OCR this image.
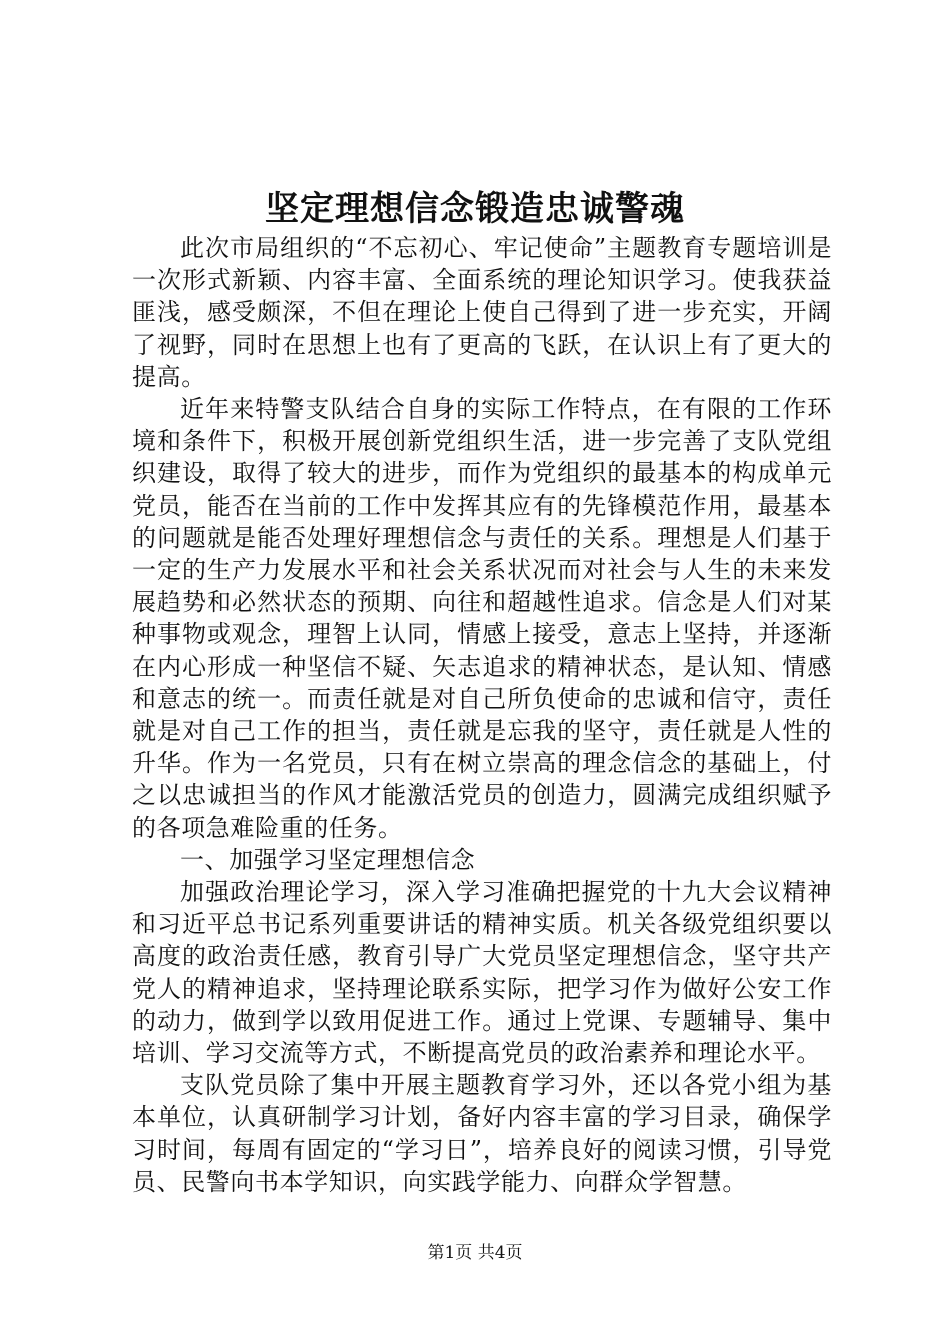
坚定理想信念锻造忠诚警魂

此次市局组织的“不忘初心、牢记使命”主题教育专题培训是一次形式新颖、内容丰富、全面系统的理论知识学习。使我获益匪浅，感受颇深，不但在理论上使自己得到了进一步充实，开阔了视野，同时在思想上也有了更高的飞跃，在认识上有了更大的提高。

近年来特警支队结合自身的实际工作特点，在有限的工作环境和条件下，积极开展创新党组织生活，进一步完善了支队党组织建设，取得了较大的进步，而作为党组织的最基本的构成单元党员，能否在当前的工作中发挥其应有的先锋模范作用，最基本的问题就是能否处理好理想信念与责任的关系。理想是人们基于一定的生产力发展水平和社会关系状况而对社会与人生的未来发展趋势和必然状态的预期、向往和超越性追求。信念是人们对某种事物或观念，理智上认同，情感上接受，意志上坚持，并逐渐在内心形成一种坚信不疑、矢志追求的精神状态，是认知、情感和意志的统一。而责任就是对自己所负使命的忠诚和信守，责任就是对自己工作的担当，责任就是忘我的坚守，责任就是人性的升华。作为一名党员，只有在树立崇高的理念信念的基础上，付之以忠诚担当的作风才能激活党员的创造力，圆满完成组织赋予的各项急难险重的任务。

一、加强学习坚定理想信念

加强政治理论学习，深入学习准确把握党的十九大会议精神和习近平总书记系列重要讲话的精神实质。机关各级党组织要以高度的政治责任感，教育引导广大党员坚定理想信念，坚守共产党人的精神追求，坚持理论联系实际，把学习作为做好公安工作的动力，做到学以致用促进工作。通过上党课、专题辅导、集中培训、学习交流等方式，不断提高党员的政治素养和理论水平。

支队党员除了集中开展主题教育学习外，还以各党小组为基本单位，认真研制学习计划，备好内容丰富的学习目录，确保学习时间，每周有固定的“学习日”，培养良好的阅读习惯，引导党员、民警向书本学知识，向实践学能力、向群众学智慧。

第1页 共4页
